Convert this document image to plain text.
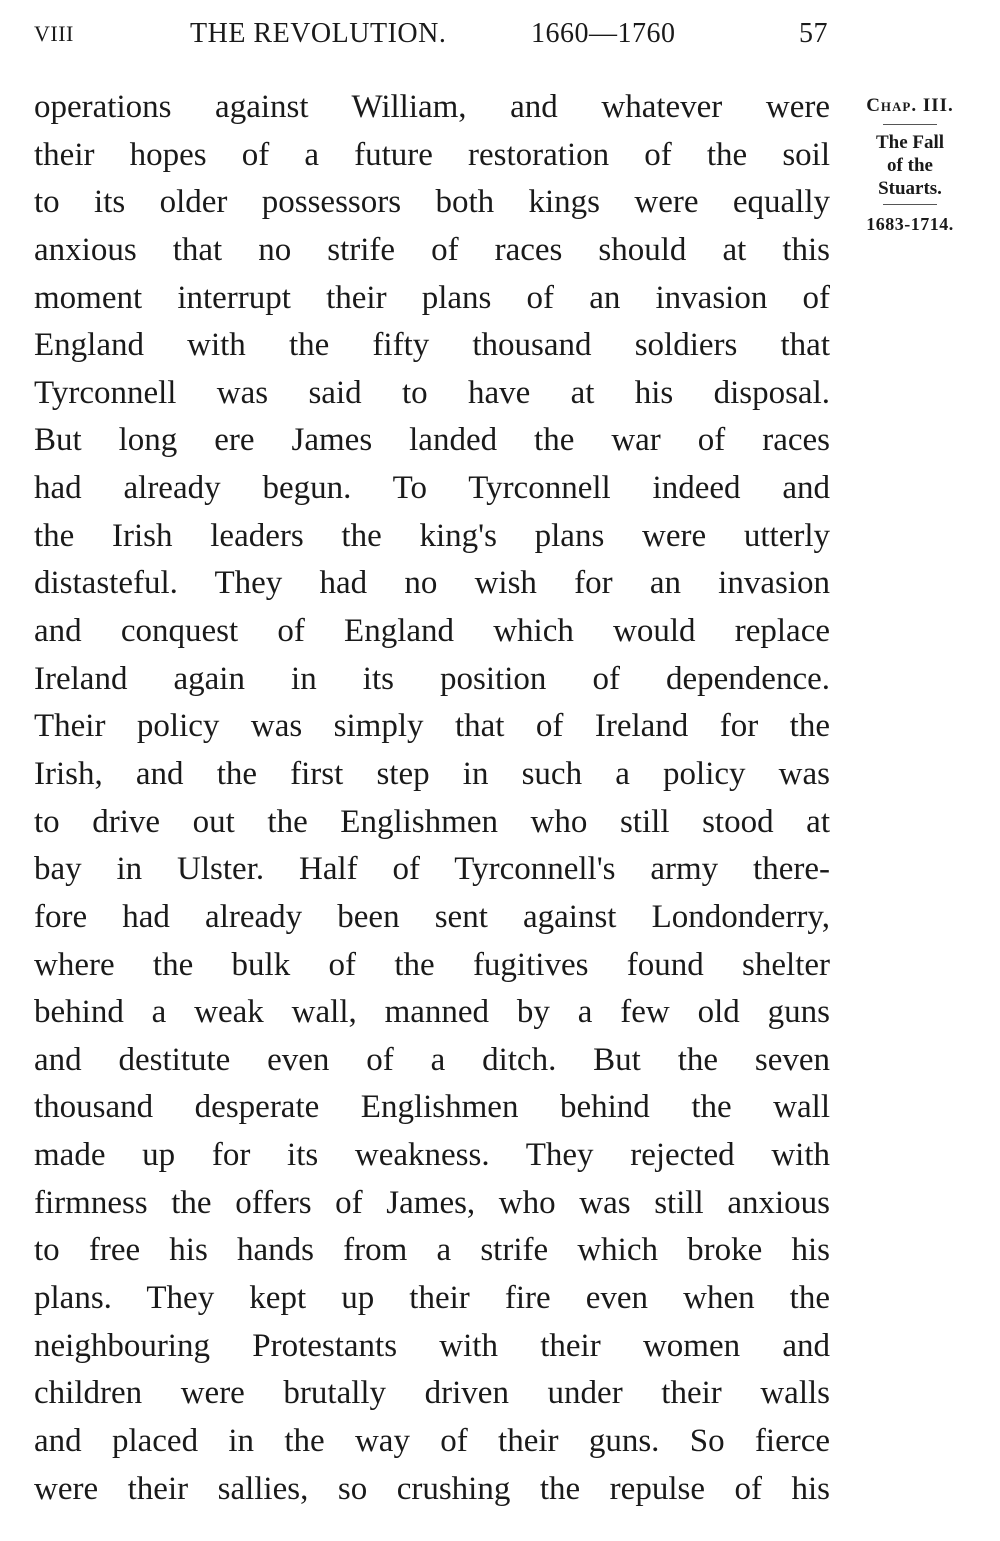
VIII	THE REVOLUTION.	1660—1760	57
operations against William, and whatever were
their hopes of a future restoration of the soil
to its older possessors both kings were equally
anxious that no strife of races should at this
moment interrupt their plans of an invasion of
England with the fifty thousand soldiers that
Tyrconnell was said to have at his disposal.
But long ere James landed the war of races
had already begun. To Tyrconnell indeed and
the Irish leaders the king's plans were utterly
distasteful. They had no wish for an invasion
and conquest of England which would replace
Ireland again in its position of dependence.
Their policy was simply that of Ireland for the
Irish, and the first step in such a policy was
to drive out the Englishmen who still stood at
bay in Ulster. Half of Tyrconnell's army there-
fore had already been sent against Londonderry,
where the bulk of the fugitives found shelter
behind a weak wall, manned by a few old guns
and destitute even of a ditch. But the seven
thousand desperate Englishmen behind the wall
made up for its weakness. They rejected with
firmness the offers of James, who was still anxious
to free his hands from a strife which broke his
plans. They kept up their fire even when the
neighbouring Protestants with their women and
children were brutally driven under their walls
and placed in the way of their guns. So fierce
were their sallies, so crushing the repulse of his
Chap. III.
The Fall
of the
Stuarts.
1683-1714.
